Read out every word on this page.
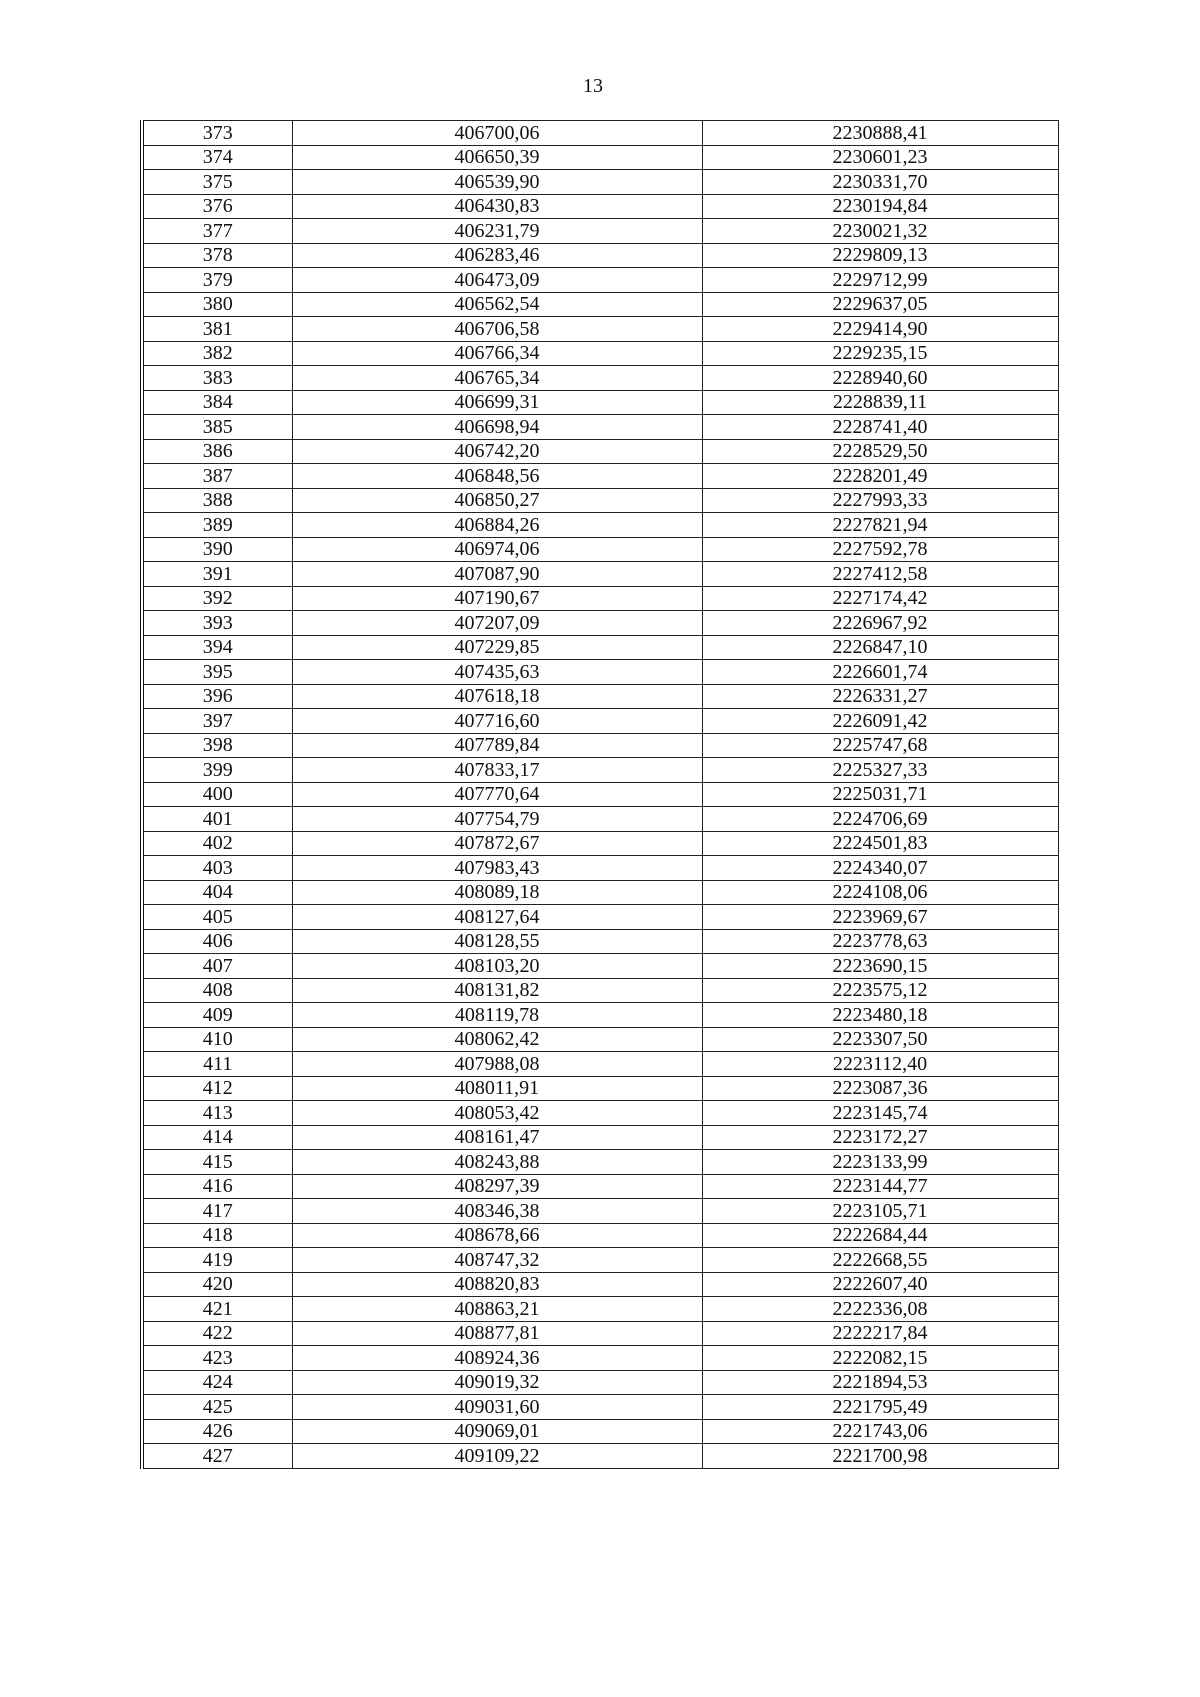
13
373	406700,06	2230888,41
374	406650,39	2230601,23
375	406539,90	2230331,70
376	406430,83	2230194,84
377	406231,79	2230021,32
378	406283,46	2229809,13
379	406473,09	2229712,99
380	406562,54	2229637,05
381	406706,58	2229414,90
382	406766,34	2229235,15
383	406765,34	2228940,60
384	406699,31	2228839,11
385	406698,94	2228741,40
386	406742,20	2228529,50
387	406848,56	2228201,49
388	406850,27	2227993,33
389	406884,26	2227821,94
390	406974,06	2227592,78
391	407087,90	2227412,58
392	407190,67	2227174,42
393	407207,09	2226967,92
394	407229,85	2226847,10
395	407435,63	2226601,74
396	407618,18	2226331,27
397	407716,60	2226091,42
398	407789,84	2225747,68
399	407833,17	2225327,33
400	407770,64	2225031,71
401	407754,79	2224706,69
402	407872,67	2224501,83
403	407983,43	2224340,07
404	408089,18	2224108,06
405	408127,64	2223969,67
406	408128,55	2223778,63
407	408103,20	2223690,15
408	408131,82	2223575,12
409	408119,78	2223480,18
410	408062,42	2223307,50
411	407988,08	2223112,40
412	408011,91	2223087,36
413	408053,42	2223145,74
414	408161,47	2223172,27
415	408243,88	2223133,99
416	408297,39	2223144,77
417	408346,38	2223105,71
418	408678,66	2222684,44
419	408747,32	2222668,55
420	408820,83	2222607,40
421	408863,21	2222336,08
422	408877,81	2222217,84
423	408924,36	2222082,15
424	409019,32	2221894,53
425	409031,60	2221795,49
426	409069,01	2221743,06
427	409109,22	2221700,98
